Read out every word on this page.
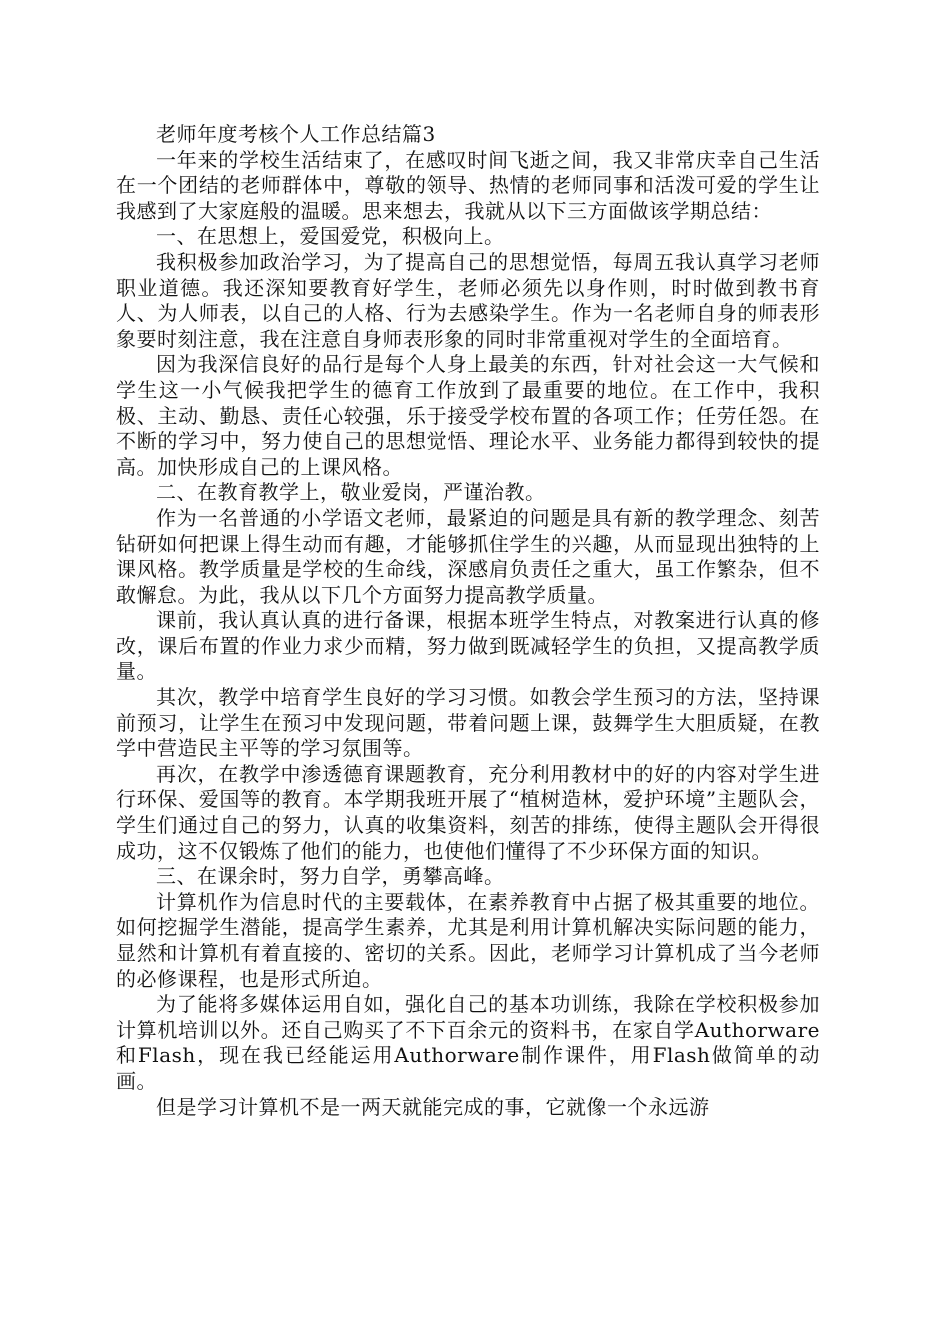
老师年度考核个人工作总结篇3

一年来的学校生活结束了，在感叹时间飞逝之间，我又非常庆幸自己生活在一个团结的老师群体中，尊敬的领导、热情的老师同事和活泼可爱的学生让我感到了大家庭般的温暖。思来想去，我就从以下三方面做该学期总结：

一、在思想上，爱国爱党，积极向上。

我积极参加政治学习，为了提高自己的思想觉悟，每周五我认真学习老师职业道德。我还深知要教育好学生，老师必须先以身作则，时时做到教书育人、为人师表，以自己的人格、行为去感染学生。作为一名老师自身的师表形象要时刻注意，我在注意自身师表形象的同时非常重视对学生的全面培育。

因为我深信良好的品行是每个人身上最美的东西，针对社会这一大气候和学生这一小气候我把学生的德育工作放到了最重要的地位。在工作中，我积极、主动、勤恳、责任心较强，乐于接受学校布置的各项工作；任劳任怨。在不断的学习中，努力使自己的思想觉悟、理论水平、业务能力都得到较快的提高。加快形成自己的上课风格。

二、在教育教学上，敬业爱岗，严谨治教。

作为一名普通的小学语文老师，最紧迫的问题是具有新的教学理念、刻苦钻研如何把课上得生动而有趣，才能够抓住学生的兴趣，从而显现出独特的上课风格。教学质量是学校的生命线，深感肩负责任之重大，虽工作繁杂，但不敢懈怠。为此，我从以下几个方面努力提高教学质量。

课前，我认真认真的进行备课，根据本班学生特点，对教案进行认真的修改，课后布置的作业力求少而精，努力做到既减轻学生的负担，又提高教学质量。

其次，教学中培育学生良好的学习习惯。如教会学生预习的方法，坚持课前预习，让学生在预习中发现问题，带着问题上课，鼓舞学生大胆质疑，在教学中营造民主平等的学习氛围等。

再次，在教学中渗透德育课题教育，充分利用教材中的好的内容对学生进行环保、爱国等的教育。本学期我班开展了“植树造林，爱护环境”主题队会，学生们通过自己的努力，认真的收集资料，刻苦的排练，使得主题队会开得很成功，这不仅锻炼了他们的能力，也使他们懂得了不少环保方面的知识。

三、在课余时，努力自学，勇攀高峰。

计算机作为信息时代的主要载体，在素养教育中占据了极其重要的地位。如何挖掘学生潜能，提高学生素养，尤其是利用计算机解决实际问题的能力，显然和计算机有着直接的、密切的关系。因此，老师学习计算机成了当今老师的必修课程，也是形式所迫。

为了能将多媒体运用自如，强化自己的基本功训练，我除在学校积极参加计算机培训以外。还自己购买了不下百余元的资料书，在家自学Authorware和Flash，现在我已经能运用Authorware制作课件，用Flash做简单的动画。

但是学习计算机不是一两天就能完成的事，它就像一个永远游
